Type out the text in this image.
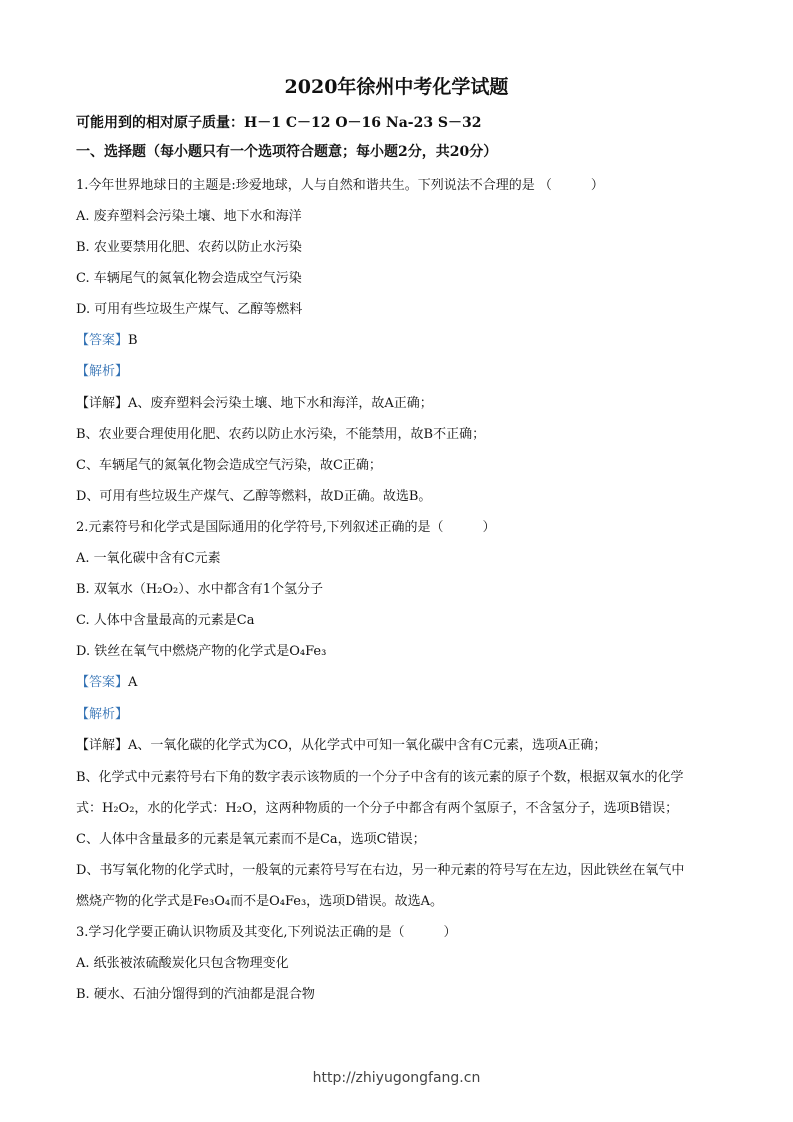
2020年徐州中考化学试题
可能用到的相对原子质量：H－1 C－12 O－16 Na-23 S－32
一、选择题（每小题只有一个选项符合题意；每小题2分，共20分）
1.今年世界地球日的主题是:珍爱地球，人与自然和谐共生。下列说法不合理的是 （　　　）
A. 废弃塑料会污染土壤、地下水和海洋
B. 农业要禁用化肥、农药以防止水污染
C. 车辆尾气的氮氧化物会造成空气污染
D. 可用有些垃圾生产煤气、乙醇等燃料
【答案】B
【解析】
【详解】A、废弃塑料会污染土壤、地下水和海洋，故A正确；
B、农业要合理使用化肥、农药以防止水污染，不能禁用，故B不正确；
C、车辆尾气的氮氧化物会造成空气污染，故C正确；
D、可用有些垃圾生产煤气、乙醇等燃料，故D正确。故选B。
2.元素符号和化学式是国际通用的化学符号,下列叙述正确的是（　　　）
A. 一氧化碳中含有C元素
B. 双氧水（H₂O₂）、水中都含有1个氢分子
C. 人体中含量最高的元素是Ca
D. 铁丝在氧气中燃烧产物的化学式是O₄Fe₃
【答案】A
【解析】
【详解】A、一氧化碳的化学式为CO，从化学式中可知一氧化碳中含有C元素，选项A正确；
B、化学式中元素符号右下角的数字表示该物质的一个分子中含有的该元素的原子个数，根据双氧水的化学
式：H₂O₂，水的化学式：H₂O，这两种物质的一个分子中都含有两个氢原子，不含氢分子，选项B错误；
C、人体中含量最多的元素是氧元素而不是Ca，选项C错误；
D、书写氧化物的化学式时，一般氧的元素符号写在右边，另一种元素的符号写在左边，因此铁丝在氧气中
燃烧产物的化学式是Fe₃O₄而不是O₄Fe₃，选项D错误。故选A。
3.学习化学要正确认识物质及其变化,下列说法正确的是（　　　）
A. 纸张被浓硫酸炭化只包含物理变化
B. 硬水、石油分馏得到的汽油都是混合物
http://zhiyugongfang.cn
